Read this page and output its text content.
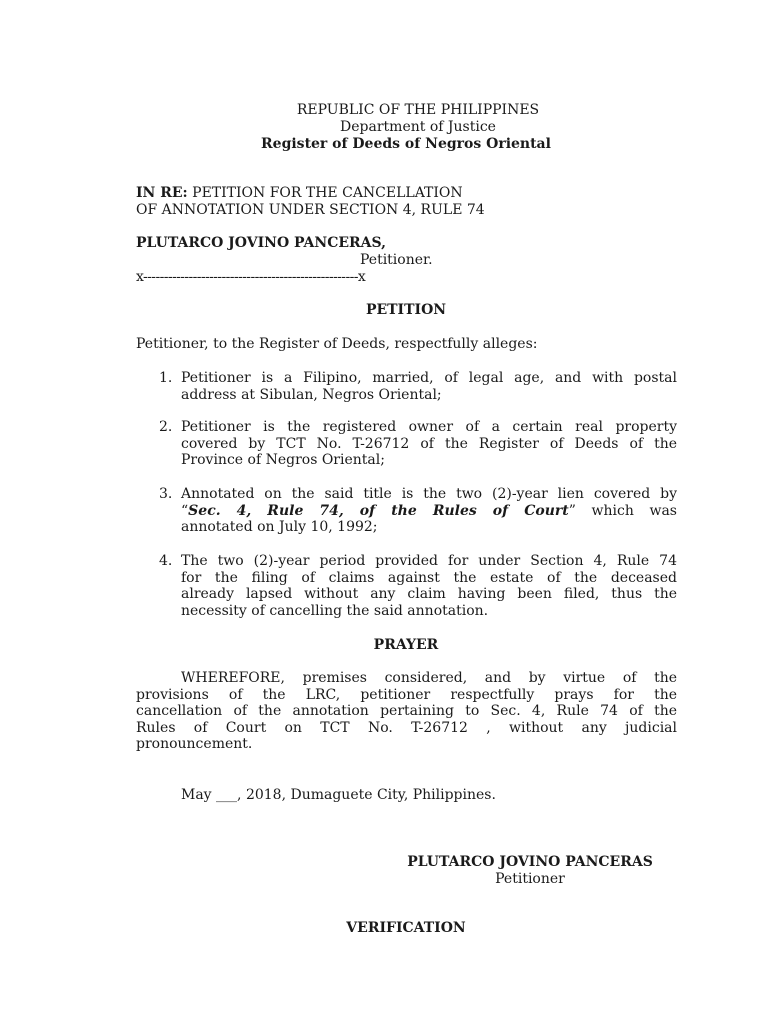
REPUBLIC OF THE PHILIPPINES
Department of Justice
Register of Deeds of Negros Oriental
IN RE: PETITION FOR THE CANCELLATION
OF ANNOTATION UNDER SECTION 4, RULE 74
PLUTARCO JOVINO PANCERAS,
Petitioner.
x----------------------------------------------------x
PETITION
Petitioner, to the Register of Deeds, respectfully alleges:
1. Petitioner is a Filipino, married, of legal age, and with postal
address at Sibulan, Negros Oriental;
2. Petitioner is the registered owner of a certain real property
covered by TCT No. T-26712 of the Register of Deeds of the
Province of Negros Oriental;
3. Annotated on the said title is the two (2)-year lien covered by
“Sec. 4, Rule 74, of the Rules of Court” which was
annotated on July 10, 1992;
4. The two (2)-year period provided for under Section 4, Rule 74
for the filing of claims against the estate of the deceased
already lapsed without any claim having been filed, thus the
necessity of cancelling the said annotation.
PRAYER
WHEREFORE, premises considered, and by virtue of the
provisions of the LRC, petitioner respectfully prays for the
cancellation of the annotation pertaining to Sec. 4, Rule 74 of the
Rules of Court on TCT No. T-26712 , without any judicial
pronouncement.
May ___, 2018, Dumaguete City, Philippines.
PLUTARCO JOVINO PANCERAS
Petitioner
VERIFICATION
